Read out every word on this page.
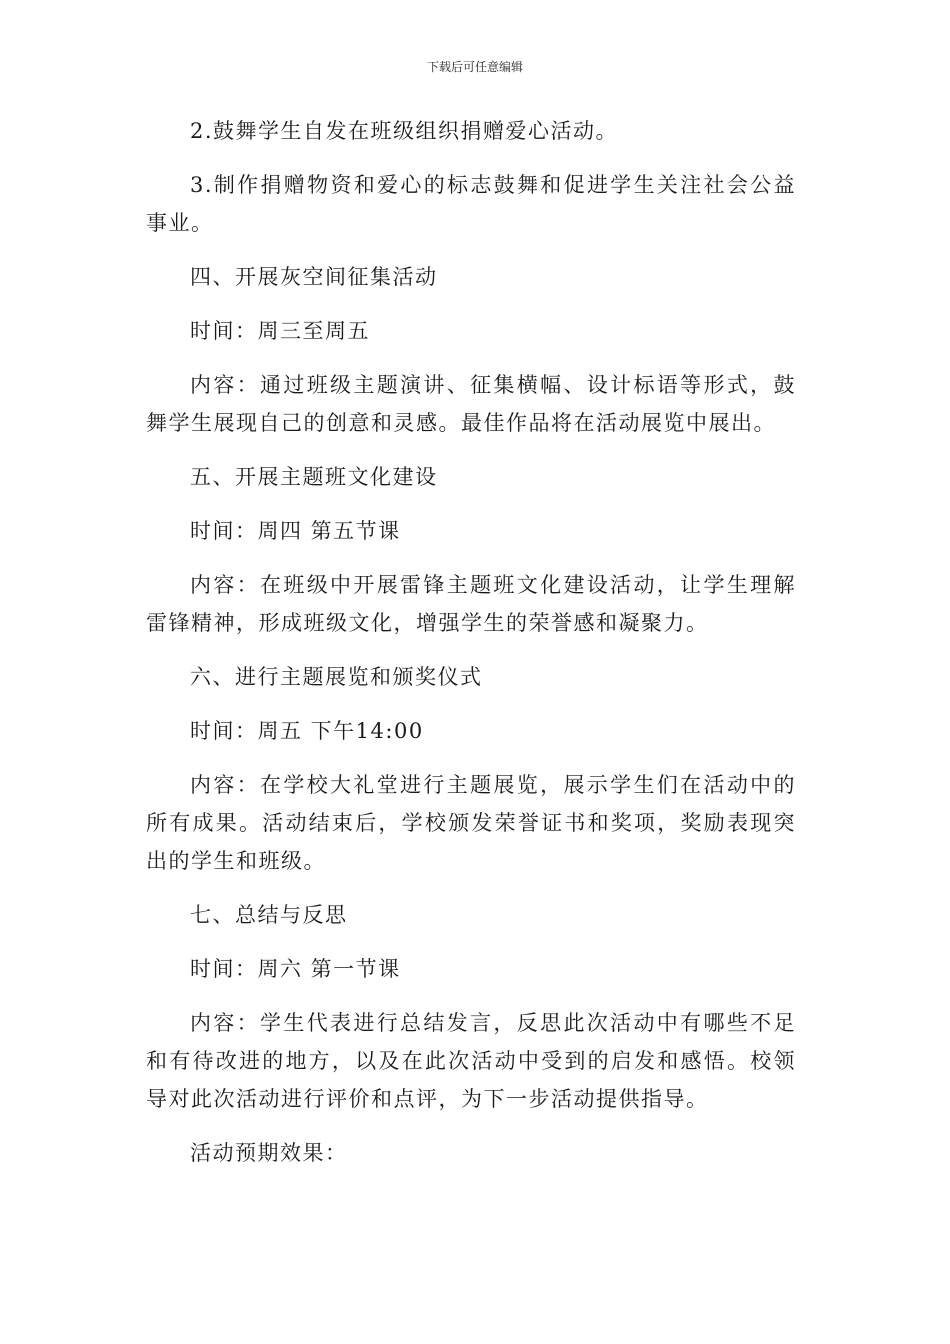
下载后可任意编辑

2.鼓舞学生自发在班级组织捐赠爱心活动。

3.制作捐赠物资和爱心的标志鼓舞和促进学生关注社会公益事业。

四、开展灰空间征集活动

时间：周三至周五

内容：通过班级主题演讲、征集横幅、设计标语等形式，鼓舞学生展现自己的创意和灵感。最佳作品将在活动展览中展出。

五、开展主题班文化建设

时间：周四 第五节课

内容：在班级中开展雷锋主题班文化建设活动，让学生理解雷锋精神，形成班级文化，增强学生的荣誉感和凝聚力。

六、进行主题展览和颁奖仪式

时间：周五 下午14:00

内容：在学校大礼堂进行主题展览，展示学生们在活动中的所有成果。活动结束后，学校颁发荣誉证书和奖项，奖励表现突出的学生和班级。

七、总结与反思

时间：周六 第一节课

内容：学生代表进行总结发言，反思此次活动中有哪些不足和有待改进的地方，以及在此次活动中受到的启发和感悟。校领导对此次活动进行评价和点评，为下一步活动提供指导。

活动预期效果：
